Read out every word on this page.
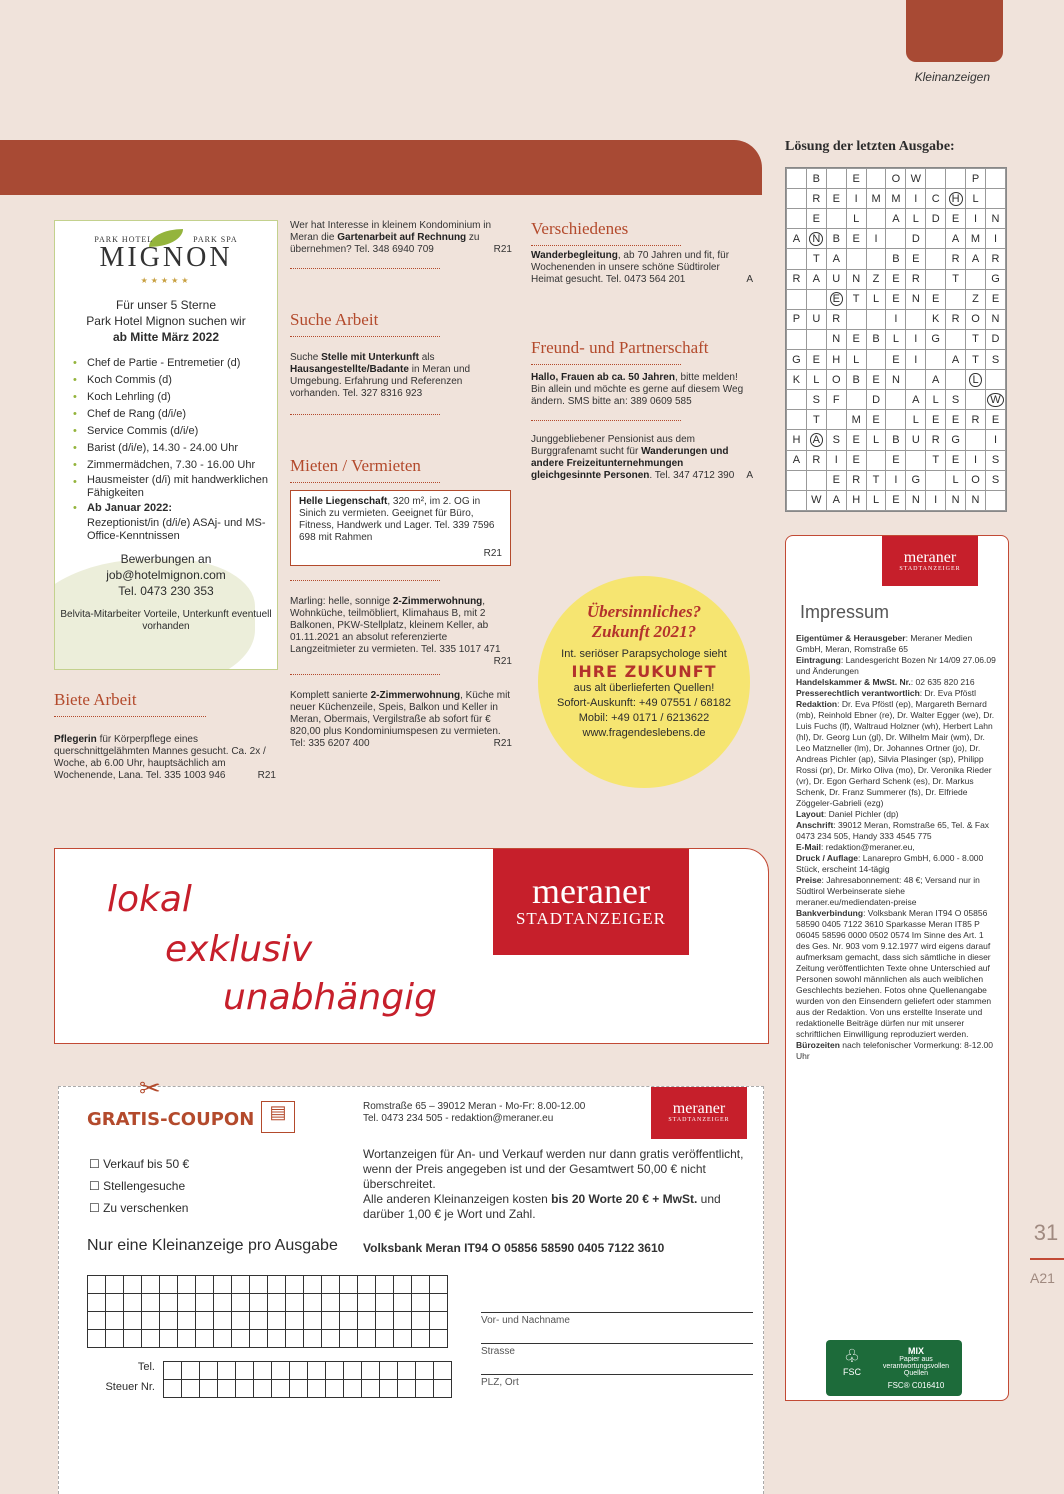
Kleinanzeigen
PARK HOTEL	PARK SPA
MIGNON
★★★★★
Für unser 5 Sterne
Park Hotel Mignon suchen wir
ab Mitte März 2022
• Chef de Partie - Entremetier (d)
• Koch Commis (d)
• Koch Lehrling (d)
• Chef de Rang (d/i/e)
• Service Commis (d/i/e)
• Barist (d/i/e), 14.30 - 24.00 Uhr
• Zimmermädchen, 7.30 - 16.00 Uhr
• Hausmeister (d/i) mit handwerklichen Fähigkeiten
• Ab Januar 2022:
Rezeptionist/in (d/i/e) ASAj- und MS-Office-Kenntnissen
Bewerbungen an
job@hotelmignon.com
Tel. 0473 230 353
Belvita-Mitarbeiter Vorteile, Unterkunft eventuell vorhanden
Biete Arbeit
Pflegerin für Körperpflege eines querschnittgelähmten Mannes gesucht. Ca. 2x / Woche, ab 6.00 Uhr, hauptsächlich am Wochenende, Lana. Tel. 335 1003 946	R21
Wer hat Interesse in kleinem Kondominium in Meran die Gartenarbeit auf Rechnung zu übernehmen? Tel. 348 6940 709	R21
Suche Arbeit
Suche Stelle mit Unterkunft als Hausangestellte/Badante in Meran und Umgebung. Erfahrung und Referenzen vorhanden. Tel. 327 8316 923
Mieten / Vermieten
Helle Liegenschaft, 320 m², im 2. OG in Sinich zu vermieten. Geeignet für Büro, Fitness, Handwerk und Lager. Tel. 339 7596 698 mit Rahmen
R21
Marling: helle, sonnige 2-Zimmerwohnung, Wohnküche, teilmöbliert, Klimahaus B, mit 2 Balkonen, PKW-Stellplatz, kleinem Keller, ab 01.11.2021 an absolut referenzierte Langzeitmieter zu vermieten. Tel. 335 1017 471
R21
Komplett sanierte 2-Zimmerwohnung, Küche mit neuer Küchenzeile, Speis, Balkon und Keller in Meran, Obermais, Vergilstraße ab sofort für € 820,00 plus Kondominiumspesen zu vermieten. Tel: 335 6207 400	R21
Verschiedenes
Wanderbegleitung, ab 70 Jahren und fit, für Wochenenden in unsere schöne Südtiroler Heimat gesucht. Tel. 0473 564 201	A
Freund- und Partnerschaft
Hallo, Frauen ab ca. 50 Jahren, bitte melden! Bin allein und möchte es gerne auf diesem Weg ändern. SMS bitte an: 389 0609 585
Junggebliebener Pensionist aus dem Burggrafenamt sucht für Wanderungen und andere Freizeitunternehmungen gleichgesinnte Personen. Tel. 347 4712 390 A
Übersinnliches?
Zukunft 2021?
Int. seriöser Parapsychologe sieht
IHRE ZUKUNFT
aus alt überlieferten Quellen!
Sofort-Auskunft: +49 07551 / 68182
Mobil: +49 0171 / 6213622
www.fragendeslebens.de
Lösung der letzten Ausgabe:
	B		E		O	W			P	
	R	E	I	M	M	I	C	H	L	
	E		L		A	L	D	E	I	N
A	N	B	E	I		D		A	M	I
	T	A			B	E		R	A	R
R	A	U	N	Z	E	R		T		G
		E	T	L	E	N	E		Z	E
P	U	R			I		K	R	O	N
		N	E	B	L	I	G		T	D
G	E	H	L		E	I		A	T	S
K	L	O	B	E	N		A		L	
	S	F		D		A	L	S		W
	T		M	E		L	E	E	R	E
H	A	S	E	L	B	U	R	G		I
A	R	I	E		E		T	E	I	S
		E	R	T	I	G		L	O	S
	W	A	H	L	E	N	I	N	N	
meraner
STADTANZEIGER
Impressum
Eigentümer & Herausgeber: Meraner Medien GmbH, Meran, Romstraße 65
Eintragung: Landesgericht Bozen Nr 14/09 27.06.09 und Änderungen
Handelskammer & MwSt. Nr.: 02 635 820 216
Presserechtlich verantwortlich: Dr. Eva Pföstl
Redaktion: Dr. Eva Pföstl (ep), Margareth Bernard (mb), Reinhold Ebner (re), Dr. Walter Egger (we), Dr. Luis Fuchs (lf), Waltraud Holzner (wh), Herbert Lahn (hl), Dr. Georg Lun (gl), Dr. Wilhelm Mair (wm), Dr. Leo Matzneller (lm), Dr. Johannes Ortner (jo), Dr. Andreas Pichler (ap), Silvia Plasinger (sp), Philipp Rossi (pr), Dr. Mirko Oliva (mo), Dr. Veronika Rieder (vr), Dr. Egon Gerhard Schenk (es), Dr. Markus Schenk, Dr. Franz Summerer (fs), Dr. Elfriede Zöggeler-Gabrieli (ezg)
Layout: Daniel Pichler (dp)
Anschrift: 39012 Meran, Romstraße 65, Tel. & Fax 0473 234 505, Handy 333 4545 775
E-Mail: redaktion@meraner.eu,
Druck / Auflage: Lanarepro GmbH, 6.000 - 8.000 Stück, erscheint 14-tägig
Preise: Jahresabonnement: 48 €; Versand nur in Südtirol Werbeinserate siehe meraner.eu/mediendaten-preise
Bankverbindung: Volksbank Meran IT94 O 05856 58590 0405 7122 3610 Sparkasse Meran IT85 P 06045 58596 0000 0502 0574 Im Sinne des Art. 1 des Ges. Nr. 903 vom 9.12.1977 wird eigens darauf aufmerksam gemacht, dass sich sämtliche in dieser Zeitung veröffentlichten Texte ohne Unterschied auf Personen sowohl männlichen als auch weiblichen Geschlechts beziehen. Fotos ohne Quellenangabe wurden von den Einsendern geliefert oder stammen aus der Redaktion. Von uns erstellte Inserate und redaktionelle Beiträge dürfen nur mit unserer schriftlichen Einwilligung reproduziert werden.
Bürozeiten nach telefonischer Vormerkung: 8-12.00 Uhr
♧
FSC
MIX
Papier aus verantwortungsvollen Quellen
FSC® C016410
31
A21
lokal
exklusiv
unabhängig
meraner
STADTANZEIGER
✂
GRATIS-COUPON ▤
☐ Verkauf bis 50 €
☐ Stellengesuche
☐ Zu verschenken
Nur eine Kleinanzeige pro Ausgabe
Romstraße 65 – 39012 Meran - Mo-Fr: 8.00-12.00
Tel. 0473 234 505 - redaktion@meraner.eu
meraner
STADTANZEIGER
Wortanzeigen für An- und Verkauf werden nur dann gratis veröffentlicht, wenn der Preis angegeben ist und der Gesamtwert 50,00 € nicht überschreitet.
Alle anderen Kleinanzeigen kosten bis 20 Worte 20 € + MwSt. und darüber 1,00 € je Wort und Zahl.
Volksbank Meran IT94 O 05856 58590 0405 7122 3610

Tel.
Steuer Nr.

Vor- und Nachname
Strasse
PLZ, Ort
